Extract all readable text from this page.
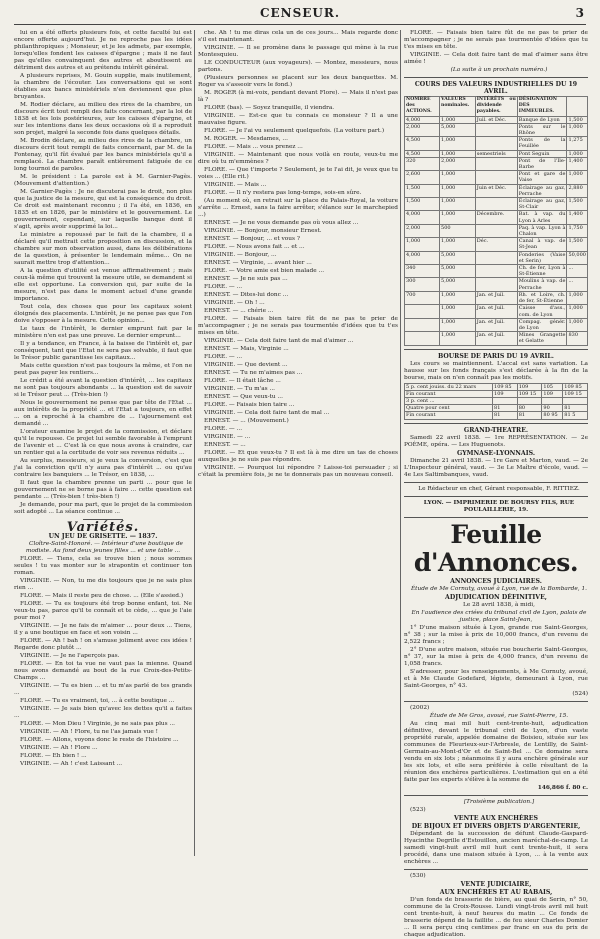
CENSEUR.	3

lui en a été offerts plusieurs fois, et cette faculté lui est encore offerte aujourd'hui. Je ne reproche pas les idées philanthropiques ; Monsieur, et je les admets, par exemple, lorsqu'elles fondent les caisses d'épargne ; mais il ne faut pas qu'elles convainquent des autres et aboutissent au détriment des autres et au prétendu intérêt général.

A plusieurs reprises, M. Gouin supplie, mais inutilement, la chambre de l'écouter. Les conversations qui se sont établies aux bancs ministériels n'en deviennent que plus bruyantes.

M. Rodier déclare, au milieu des rires de la chambre, un discours écrit tout rempli des faits concernant, par la loi de 1838 et les lois postérieures, sur les caisses d'épargne, et sur les intentions dans les deux occasions où il a reproduit son projet, malgré la seconde fois dans quelques détails.

M. Brodin déclare, au milieu des rires de la chambre, un discours écrit tout rempli de faits concernant, par M. de la Fontenay, qu'il fût évalué par les bancs ministériels qu'il a remplacé. La chambre paraît entièrement fatiguée de ce long tournoi de paroles.

M. le président : La parole est à M. Garnier-Pagès. (Mouvement d'attention.)

M. Garnier-Pagès : Je ne discuterai pas le droit, non plus que la justice de la mesure, qui est la conséquence du droit. Ce droit est maintenant reconnu ; il l'a été, en 1836, en 1835 et en 1826, par le ministère et le gouvernement. Le gouvernement, cependant, sur laquelle banque dont il s'agit, après avoir supprimé la loi...

Le ministre a repoussé par le fait de la chambre, il a déclaré qu'il mettrait cette proposition en discussion, et la chambre sur mon observation aussi, dans les délibérations de la question, à présenter le lendemain même... On ne saurait mettre trop d'attention...

A la question d'utilité est venue affirmativement ; mais ceux-là même qui trouvent la mesure utile, se demandent si elle est opportune. La conversion qui, par suite de la mesure, n'est pas dans le moment actuel d'une grande importance.

Tout cela, des choses que pour les capitaux soient éloignés des placements. L'intérêt, je ne pense pas que l'on doive s'opposer à la mesure. Cette opinion...

Le taux de l'intérêt, le dernier emprunt fait par le ministère n'en est pas une preuve. Le dernier emprunt...

Il y a tendance, en France, à la baisse de l'intérêt et, par conséquent, tant que l'Etat ne sera pas solvable, il faut que le Trésor public garantisse les capitaux...

Mais cette question n'est pas toujours la même, et l'on ne peut pas payer les rentiers...

Le crédit a été avant la question d'intérêt, ... les capitaux ne sont pas toujours abondants ... la question est de savoir si le Trésor peut ... (Très-bien !)

Nous le gouvernement ne pense que par tête de l'Etat ... aux intérêts de la propriété ... et l'Etat a toujours, en effet ... on a reproché à la chambre de ... l'ajournement est demandé ...

L'orateur examine le projet de la commission, et déclare qu'il le repousse. Ce projet lui semble favorable à l'emprunt de l'avenir et ... C'est là ce que nous avons à craindre, car un rentier qui a la certitude de voir ses revenus réduits ...

Au surplus, messieurs, si je veux la conversion, c'est que j'ai la conviction qu'il n'y aura pas d'intérêt ... ou qu'au contraire les banquiers ... le Trésor, en 1838, ...

Il faut que la chambre prenne un parti ... pour que le gouvernement ne se borne pas à faire ... cette question est pendante ... (Très-bien ! très-bien !)

Je demande, pour ma part, que le projet de la commission soit adopté ... La séance continue ...

Variétés.
UN JEU DE GRISETTE. — 1837.

Cloître-Saint-Honoré. — Intérieur d'une boutique de modiste. Au fond deux jeunes filles ... et une table ...

FLORE. — Tiens, cela se trouve bien ; nous sommes seules ! tu vas monter sur le strapontin et continuer ton roman.

VIRGINIE. — Non, tu me dis toujours que je ne sais plus rien ...

FLORE. — Mais il reste peu de chose. ... (Elle s'assied.)

FLORE. — Tu es toujours été trop bonne enfant, toi. Ne veux-tu pas, parce qu'il te connaît et te cède, ... que je l'aie pour moi ?

VIRGINIE. — Je ne fais de m'aimer ... pour deux ... Tiens, il y a une boutique en face et son voisin ...

FLORE. — Ah ! bah ! on s'amuse joliment avec ces idées ! Regarde donc plutôt ...

VIRGINIE. — Je ne l'aperçois pas.

FLORE. — En toi ta vue ne vaut pas la mienne. Quand nous avons demandé au bout de la rue Croix-des-Petits-Champs ...

VIRGINIE. — Tu es bien ... et tu m'as parlé de tes grands ...

FLORE. — Tu es vraiment, toi, ... à cette boutique ...

VIRGINIE. — Je sais bien qu'avec les dettes qu'il a faites ...

FLORE. — Mon Dieu ! Virginie, je ne sais pas plus ...

VIRGINIE. — Ah ! Flore, tu ne l'as jamais vue !

FLORE. — Allons, voyons donc le reste de l'histoire ...

VIRGINIE. — Ah ! Flore ...

FLORE. — Eh bien ! ...

VIRGINIE. — Ah ! c'est Laissant ...

che. Ah ! tu me diras cela un de ces jours... Mais regarde donc s'il est maintenant.

VIRGINIE. — Il se promène dans le passage qui mène à la rue Montesquieu.

LE CONDUCTEUR (aux voyageurs). — Montez, messieurs, nous partons.

(Plusieurs personnes se placent sur les deux banquettes. M. Roger va s'asseoir vers le fond.)

M. ROGER (à mi-voix, pendant devant Flore). — Mais il n'est pas là ?

FLORE (bas). — Soyez tranquille, il viendra.

VIRGINIE. — Est-ce que tu connais ce monsieur ? Il a une mauvaise figure.

FLORE. — Je l'ai vu seulement quelquefois. (La voiture part.)

M. ROGER. — Mesdames, ...

FLORE. — Mais ... vous prenez ...

VIRGINIE. — Maintenant que nous voilà en route, veux-tu me dire où tu m'emmènes ?

FLORE. — Que t'importe ? Seulement, je te l'ai dit, je veux que tu voies ... (Elle rit.)

VIRGINIE. — Mais ...

FLORE. — Il n'y restera pas long-temps, sois-en sûre.

(Au moment où, en retrait sur la place du Palais-Royal, la voiture s'arrête ... Ernest, sans la faire arrêter, s'élance sur le marchepied ...)

ERNEST. — Je ne vous demande pas où vous allez ...

VIRGINIE. — Bonjour, monsieur Ernest.

ERNEST. — Bonjour, ... et vous ?

FLORE. — Nous avons fait ... et ...

VIRGINIE. — Bonjour, ...

ERNEST. — Virginie, ... avant hier ...

FLORE. — Votre amie est bien malade ...

ERNEST. — Je ne suis pas ...

FLORE. — ...

ERNEST. — Dites-lui donc ...

VIRGINIE. — Oh ! ...

ERNEST. — ... chérie ...

FLORE. — Faisais bien taire fût de ne pas te prier de m'accompagner ; je ne serais pas tourmentée d'idées que tu t'es mises en tête.

VIRGINIE. — Cela doit faire tant de mal d'aimer ...

ERNEST. — Mais, Virginie ...

FLORE. — ...

VIRGINIE. — Que devient ...

ERNEST. — Tu ne m'aimes pas ...

FLORE. — Il était lâche ...

VIRGINIE. — Tu m'as ...

ERNEST. — Que veux-tu ...

FLORE. — Faisais bien taire ...

VIRGINIE. — Cela doit faire tant de mal ...

ERNEST. — ... (Mouvement.)

FLORE. — ...

VIRGINIE. — ...

ERNEST. — ...

FLORE. — Et que veux-tu ? Il est là à me dire un tas de choses auxquelles je ne suis pas répondre.

VIRGINIE. — Pourquoi lui répondre ? Laisse-toi persuader ; si c'était la première fois, je ne te donnerais pas un nouveau conseil.

FLORE. — Faisais bien taire fût de ne pas te prier de m'accompagner ; je ne serais pas tourmentée d'idées que tu t'es mises en tête.

VIRGINIE. — Cela doit faire tant de mal d'aimer sans être aimée !

(La suite à un prochain numéro.)

COURS DES VALEURS INDUSTRIELLES DU 19 AVRIL.
NOMBRE des ACTIONS.	VALEURS nominales.	INTÉRÊTS ou dividende payables.	DÉSIGNATION DES IMMEUBLES.	
4,000	1,000	Juil. et Déc.	Banque de Lyon	1,500
2,000	5,000		Ponts sur le Rhône	1,000
4,500	1,000		Ponts de la Feuillée	1,275
4,500	1,000	semestriels	Pont Seguin	1,000
320	2,000		Pont de l'Ile-Barbe	1,400
2,600	1,000		Pont et gare de Vaise	1,000
1,500	1,000	Juin et Déc.	Éclairage au gaz, Perrache	2,880
1,500	1,000		Éclairage au gaz, St-Clair	1,500
4,000	1,000	Décembre.	Bat. à vap. du Lyon à Arles	1,400
2,000	500		Paq. à vap. Lyon à Chalon	1,750
1,000	1,000	Déc.	Canal à vap. de St-Jean	1,500
4,000	5,000		Fonderies (Vaise et Serin)	50,000
340	5,000		Ch. de fer, Lyon à St-Étienne	...
300	5,000		Moulins à vap. de Perrache	...
700	1,000	Jan. et Juil.	Rh. et Loire, ch. de fer, St-Étienne	1,000
	1,000	Jan. et Juil.	Caisse d'ass., com. de Lyon	1,000
	1,000	Jan. et Juil.	Compag. génér. de Lyon	1,000
	1,000	Jan. et Juil.	Mines Grangette et Gelatte	830
BOURSE DE PARIS DU 19 AVRIL.

Les cours se maintiennent. L'accal est sans variation. La hausse sur les fonds français s'est déclarée à la fin de la bourse, mais on n'en connaît pas les motifs.

5 p. cent jouiss. du 22 mars	109 85	109	105	109 85
Fin courant	109	109 15	109	109 15
3 p. cent ...				
Quatre pour cent	81	80	90	81
Fin courant	81	81	80 95	81 5
GRAND-THEATRE.

Samedi 22 avril 1838. — 1re REPRÉSENTATION. — 2e POÈME, opéra. — Les Huguenots.

GYMNASE-LYONNAIS.

Dimanche 21 avril 1838. — 1re Gare et Marton, vaud. — 2e L'Inspecteur général, vaud. — 3e Le Maître d'école, vaud. — 4e Les Saltimbanques, vaud.

Le Rédacteur en chef, Gérant responsable, F. RITTIEZ.

LYON. — IMPRIMERIE DE BOURSY FILS, RUE POULAILLERIE, 19.

Feuille d'Annonces.
ANNONCES JUDICIAIRES.

Étude de Me Cornuty, avoué à Lyon, rue de la Bombarde, 1.

ADJUDICATION DÉFINITIVE,

Le 28 avril 1838, à midi,

En l'audience des criées du tribunal civil de Lyon, palais de justice, place Saint-Jean,

1° D'une maison située à Lyon, grande rue Saint-Georges, n° 38 ; sur la mise à prix de 10,000 francs, d'un revenu de 2,522 francs ;

2° D'une autre maison, située rue boucherie Saint-Georges, n° 37, sur la mise à prix de 4,000 francs, d'un revenu de 1,058 francs.

S'adresser, pour les renseignements, à Me Cornuty, avoué, et à Me Claude Godefard, légiste, demeurant à Lyon, rue Saint-Georges, n° 43.

(524)

(2002)

Étude de Me Gros, avoué, rue Saint-Pierre, 15.

Au cinq mai mil huit cent-trente-huit, adjudication définitive, devant le tribunal civil de Lyon, d'un vaste propriété rurale, appelée domaine de Boisieu, située sur les communes de Fleurieux-sur-l'Arbresle, de Lentilly, de Saint-Germain-au-Mont-d'Or et de Saint-Bel ... Ce domaine sera vendu en six lots ; néanmoins il y aura enchère générale sur les six lots, et elle sera préférée à celle résultant de la réunion des enchères particulières. L'estimation qui en a été faite par les experts s'élève à la somme de

146,866 f. 80 c.

[Troisième publication.]

(523)

VENTE AUX ENCHÈRES
DE BIJOUX ET DIVERS OBJETS D'ARGENTERIE,

Dépendant de la succession de défunt Claude-Gaspard-Hyacinthe Degrille d'Estouillon, ancien maréchal-de-camp. Le samedi vingt-huit avril mil huit cent trente-huit, il sera procédé, dans une maison située à Lyon, ... à la vente aux enchères ...

(530)

VENTE JUDICIAIRE,
AUX ENCHÈRES ET AU RABAIS,

D'un fonds de brasserie de bière, au quai de Serin, n° 50, commune de la Croix-Rousse. Lundi vingt-trois avril mil huit cent trente-huit, à neuf heures du matin ... Ce fonds de brasserie dépend de la faillite ... de feu sieur Charles Domier ... Il sera perçu cinq centimes par franc en sus du prix de chaque adjudication.
